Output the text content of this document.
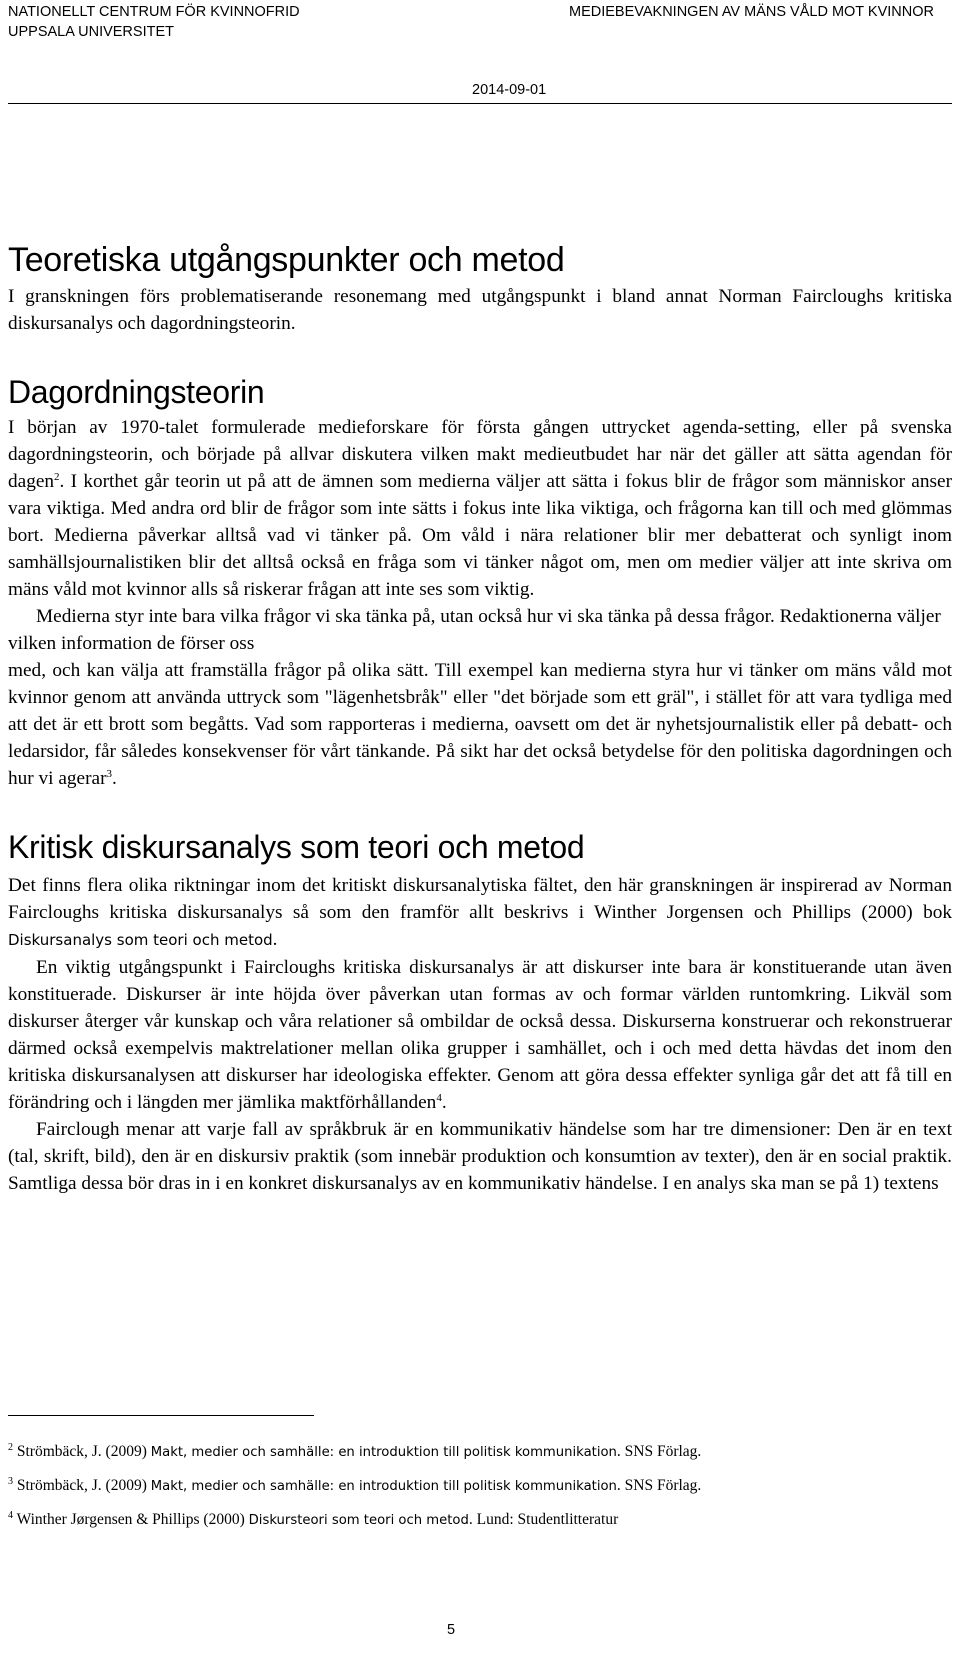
NATIONELLT CENTRUM FÖR KVINNOFRID
UPPSALA UNIVERSITET
MEDIEBEVAKNINGEN AV MÄNS VÅLD MOT KVINNOR
2014-09-01
Teoretiska utgångspunkter och metod

I granskningen förs problematiserande resonemang med utgångspunkt i bland annat Norman Faircloughs kritiska diskursanalys och dagordningsteorin.

Dagordningsteorin

I början av 1970-talet formulerade medieforskare för första gången uttrycket agenda-setting, eller på svenska dagordningsteorin, och började på allvar diskutera vilken makt medieutbudet har när det gäller att sätta agendan för dagen$^2$. I korthet går teorin ut på att de ämnen som medierna väljer att sätta i fokus blir de frågor som människor anser vara viktiga. Med andra ord blir de frågor som inte sätts i fokus inte lika viktiga, och frågorna kan till och med glömmas bort. Medierna påverkar alltså vad vi tänker på. Om våld i nära relationer blir mer debatterat och synligt inom samhällsjournalistiken blir det alltså också en fråga som vi tänker något om, men om medier väljer att inte skriva om mäns våld mot kvinnor alls så riskerar frågan att inte ses som viktig.

Medierna styr inte bara vilka frågor vi ska tänka på, utan också hur vi ska tänka på dessa frågor. Redaktionerna väljer vilken information de förser oss

med, och kan välja att framställa frågor på olika sätt. Till exempel kan medierna styra hur vi tänker om mäns våld mot kvinnor genom att använda uttryck som "lägenhetsbråk" eller "det började som ett gräl", i stället för att vara tydliga med att det är ett brott som begåtts. Vad som rapporteras i medierna, oavsett om det är nyhetsjournalistik eller på debatt- och ledarsidor, får således konsekvenser för vårt tänkande. På sikt har det också betydelse för den politiska dagordningen och hur vi agerar$^3$.

Kritisk diskursanalys som teori och metod

Det finns flera olika riktningar inom det kritiskt diskursanalytiska fältet, den här granskningen är inspirerad av Norman Faircloughs kritiska diskursanalys så som den framför allt beskrivs i Winther Jorgensen och Phillips (2000) bok Diskursanalys som teori och metod.

En viktig utgångspunkt i Faircloughs kritiska diskursanalys är att diskurser inte bara är konstituerande utan även konstituerade. Diskurser är inte höjda över påverkan utan formas av och formar världen runtomkring. Likväl som diskurser återger vår kunskap och våra relationer så ombildar de också dessa. Diskurserna konstruerar och rekonstruerar därmed också exempelvis maktrelationer mellan olika grupper i samhället, och i och med detta hävdas det inom den kritiska diskursanalysen att diskurser har ideologiska effekter. Genom att göra dessa effekter synliga går det att få till en förändring och i längden mer jämlika maktförhållanden$^4$.

Fairclough menar att varje fall av språkbruk är en kommunikativ händelse som har tre dimensioner: Den är en text (tal, skrift, bild), den är en diskursiv praktik (som innebär produktion och konsumtion av texter), den är en social praktik. Samtliga dessa bör dras in i en konkret diskursanalys av en kommunikativ händelse. I en analys ska man se på 1) textens

$^2$ Strömbäck, J. (2009) Makt, medier och samhälle: en introduktion till politisk kommunikation. SNS Förlag.
$^3$ Strömbäck, J. (2009) Makt, medier och samhälle: en introduktion till politisk kommunikation. SNS Förlag.
$^4$ Winther Jørgensen & Phillips (2000) Diskursteori som teori och metod. Lund: Studentlitteratur
5
